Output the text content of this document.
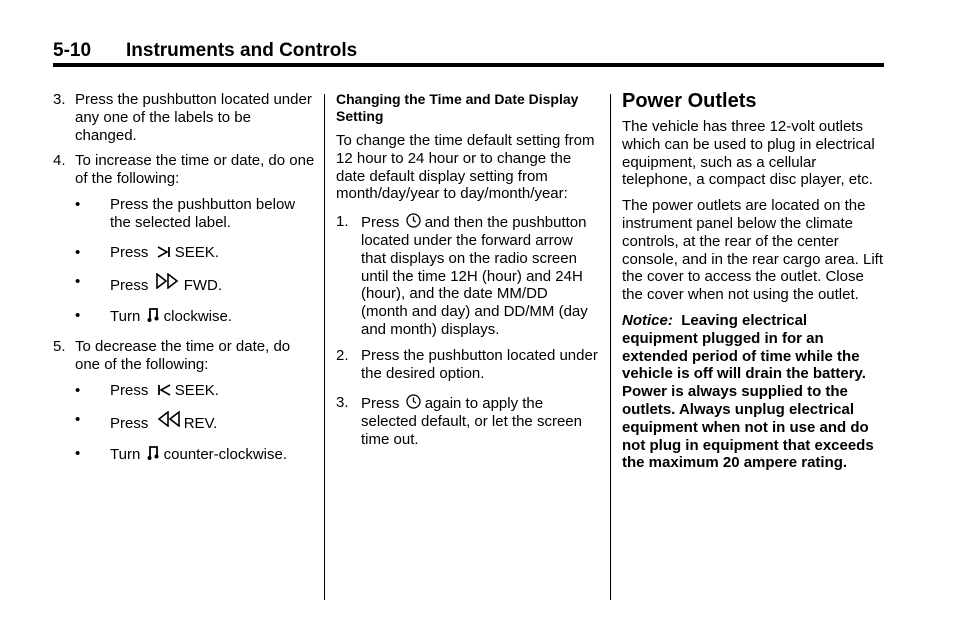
5-10 Instruments and Controls
3. Press the pushbutton located under any one of the labels to be changed.
4. To increase the time or date, do one of the following:
• Press the pushbutton below the selected label.
• Press  SEEK.
• Press  FWD.
• Turn  clockwise.
5. To decrease the time or date, do one of the following:
• Press  SEEK.
• Press  REV.
• Turn  counter-clockwise.
Changing the Time and Date Display Setting
To change the time default setting from 12 hour to 24 hour or to change the date default display setting from month/day/year to day/month/year:
1. Press  and then the pushbutton located under the forward arrow that displays on the radio screen until the time 12H (hour) and 24H (hour), and the date MM/DD (month and day) and DD/MM (day and month) displays.
2. Press the pushbutton located under the desired option.
3. Press  again to apply the selected default, or let the screen time out.
Power Outlets
The vehicle has three 12-volt outlets which can be used to plug in electrical equipment, such as a cellular telephone, a compact disc player, etc.
The power outlets are located on the instrument panel below the climate controls, at the rear of the center console, and in the rear cargo area. Lift the cover to access the outlet. Close the cover when not using the outlet.
Notice: Leaving electrical equipment plugged in for an extended period of time while the vehicle is off will drain the battery. Power is always supplied to the outlets. Always unplug electrical equipment when not in use and do not plug in equipment that exceeds the maximum 20 ampere rating.
